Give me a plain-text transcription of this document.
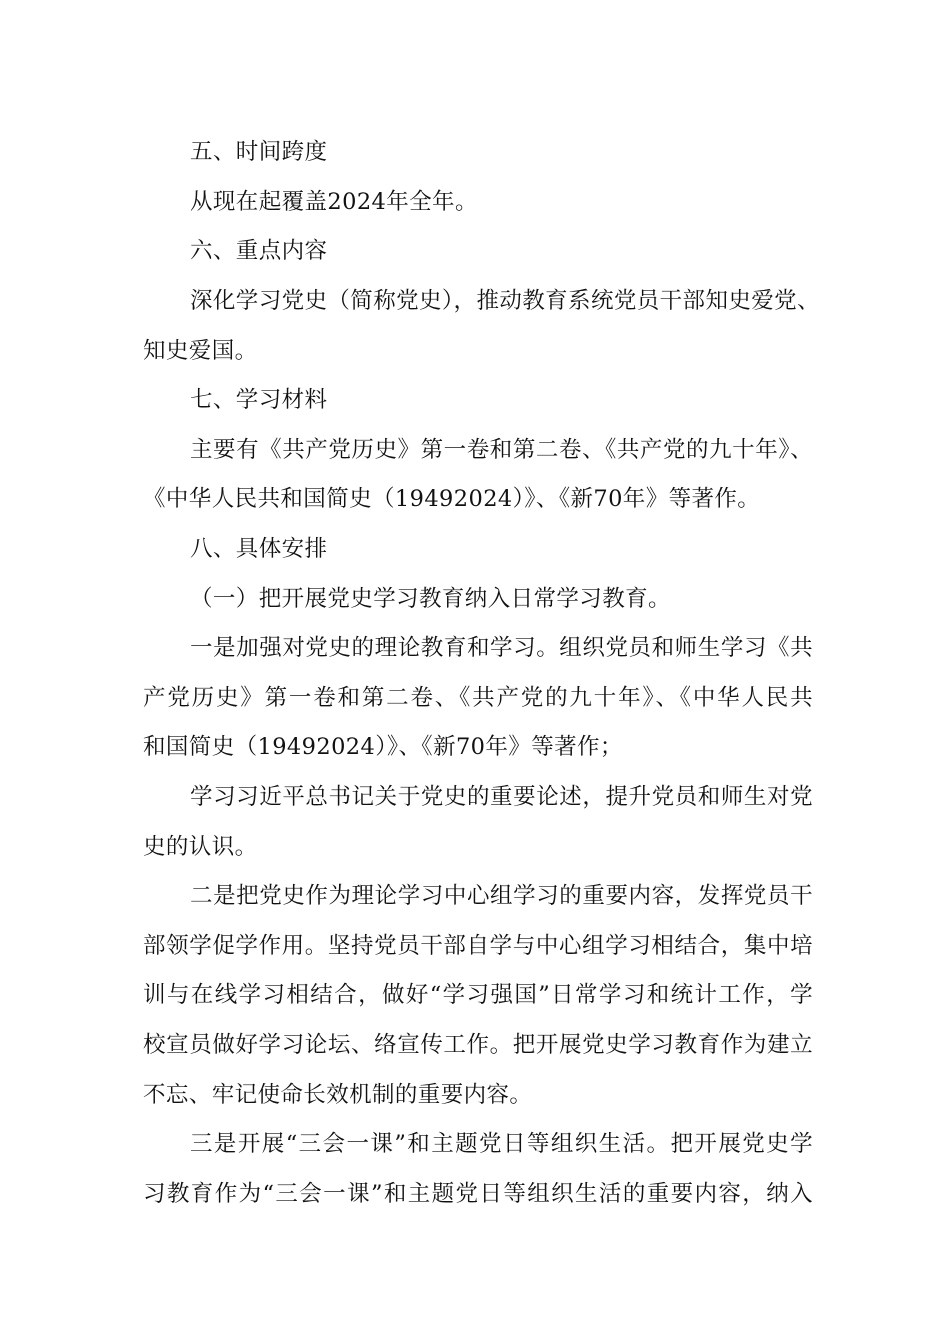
五、时间跨度
从现在起覆盖2024年全年。
六、重点内容
深化学习党史（简称党史），推动教育系统党员干部知史爱党、
知史爱国。
七、学习材料
主要有《共产党历史》第一卷和第二卷、《共产党的九十年》、
《中华人民共和国简史（19492024）》、《新70年》等著作。
八、具体安排
（一）把开展党史学习教育纳入日常学习教育。
一是加强对党史的理论教育和学习。组织党员和师生学习《共
产党历史》第一卷和第二卷、《共产党的九十年》、《中华人民共
和国简史（19492024）》、《新70年》等著作；
学习习近平总书记关于党史的重要论述，提升党员和师生对党
史的认识。
二是把党史作为理论学习中心组学习的重要内容，发挥党员干
部领学促学作用。坚持党员干部自学与中心组学习相结合，集中培
训与在线学习相结合，做好“学习强国”日常学习和统计工作，学
校宣员做好学习论坛、络宣传工作。把开展党史学习教育作为建立
不忘、牢记使命长效机制的重要内容。
三是开展“三会一课”和主题党日等组织生活。把开展党史学
习教育作为“三会一课”和主题党日等组织生活的重要内容，纳入
